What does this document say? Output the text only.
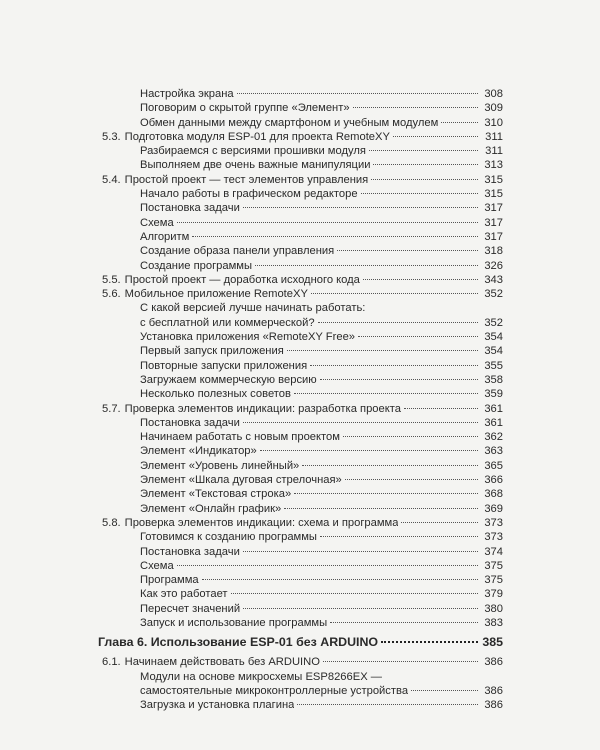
Настройка экрана	308
Поговорим о скрытой группе «Элемент»	309
Обмен данными между смартфоном и учебным модулем	310
5.3. Подготовка модуля ESP-01 для проекта RemoteXY	311
Разбираемся с версиями прошивки модуля	311
Выполняем две очень важные манипуляции	313
5.4. Простой проект — тест элементов управления	315
Начало работы в графическом редакторе	315
Постановка задачи	317
Схема	317
Алгоритм	317
Создание образа панели управления	318
Создание программы	326
5.5. Простой проект — доработка исходного кода	343
5.6. Мобильное приложение RemoteXY	352
С какой версией лучше начинать работать:
с бесплатной или коммерческой?	352
Установка приложения «RemoteXY Free»	354
Первый запуск приложения	354
Повторные запуски приложения	355
Загружаем коммерческую версию	358
Несколько полезных советов	359
5.7. Проверка элементов индикации: разработка проекта	361
Постановка задачи	361
Начинаем работать с новым проектом	362
Элемент «Индикатор»	363
Элемент «Уровень линейный»	365
Элемент «Шкала дуговая стрелочная»	366
Элемент «Текстовая строка»	368
Элемент «Онлайн график»	369
5.8. Проверка элементов индикации: схема и программа	373
Готовимся к созданию программы	373
Постановка задачи	374
Схема	375
Программа	375
Как это работает	379
Пересчет значений	380
Запуск и использование программы	383
Глава 6. Использование ESP-01 без ARDUINO	385
6.1. Начинаем действовать без ARDUINO	386
Модули на основе микросхемы ESP8266EX —
самостоятельные микроконтроллерные устройства	386
Загрузка и установка плагина	386
